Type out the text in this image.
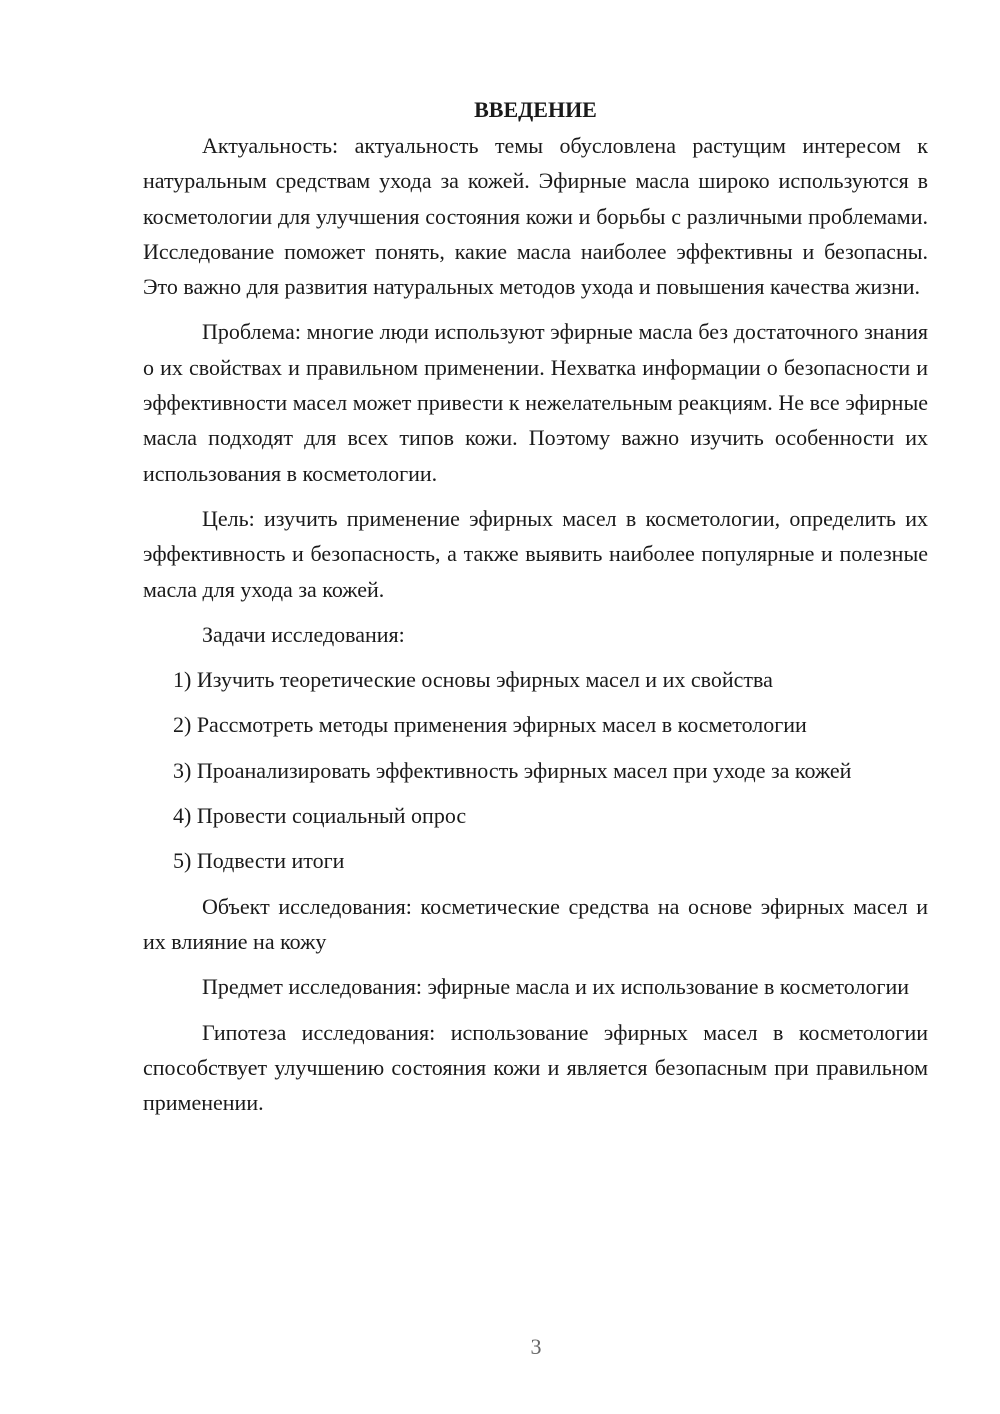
ВВЕДЕНИЕ

Актуальность: актуальность темы обусловлена растущим интересом к натуральным средствам ухода за кожей. Эфирные масла широко используются в косметологии для улучшения состояния кожи и борьбы с различными проблемами. Исследование поможет понять, какие масла наиболее эффективны и безопасны. Это важно для развития натуральных методов ухода и повышения качества жизни.

Проблема: многие люди используют эфирные масла без достаточного знания о их свойствах и правильном применении. Нехватка информации о безопасности и эффективности масел может привести к нежелательным реакциям. Не все эфирные масла подходят для всех типов кожи. Поэтому важно изучить особенности их использования в косметологии.

Цель: изучить применение эфирных масел в косметологии, определить их эффективность и безопасность, а также выявить наиболее популярные и полезные масла для ухода за кожей.

Задачи исследования:

1) Изучить теоретические основы эфирных масел и их свойства

2) Рассмотреть методы применения эфирных масел в косметологии

3) Проанализировать эффективность эфирных масел при уходе за кожей

4) Провести социальный опрос

5) Подвести итоги

Объект исследования: косметические средства на основе эфирных масел и их влияние на кожу

Предмет исследования: эфирные масла и их использование в косметологии

Гипотеза исследования: использование эфирных масел в косметологии способствует улучшению состояния кожи и является безопасным при правильном применении.

3
